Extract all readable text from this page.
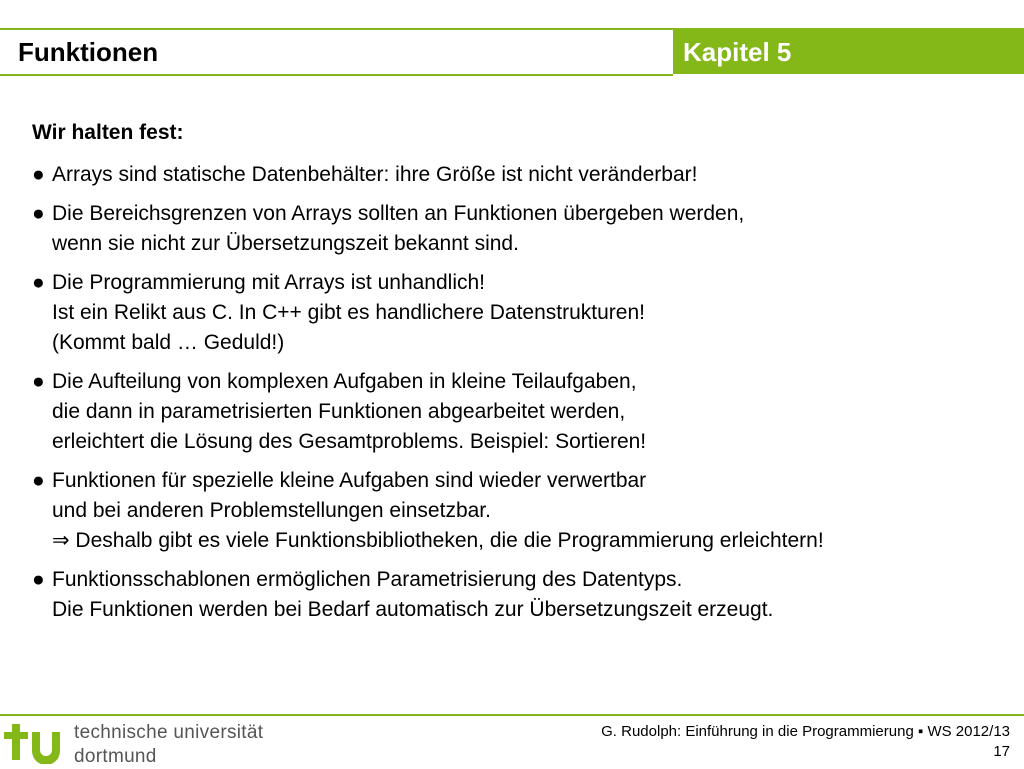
Funktionen	Kapitel 5
Wir halten fest:
● Arrays sind statische Datenbehälter: ihre Größe ist nicht veränderbar!
● Die Bereichsgrenzen von Arrays sollten an Funktionen übergeben werden,
wenn sie nicht zur Übersetzungszeit bekannt sind.
● Die Programmierung mit Arrays ist unhandlich!
Ist ein Relikt aus C. In C++ gibt es handlichere Datenstrukturen!
(Kommt bald … Geduld!)
● Die Aufteilung von komplexen Aufgaben in kleine Teilaufgaben,
die dann in parametrisierten Funktionen abgearbeitet werden,
erleichtert die Lösung des Gesamtproblems. Beispiel: Sortieren!
● Funktionen für spezielle kleine Aufgaben sind wieder verwertbar
und bei anderen Problemstellungen einsetzbar.
⇒ Deshalb gibt es viele Funktionsbibliotheken, die die Programmierung erleichtern!
● Funktionsschablonen ermöglichen Parametrisierung des Datentyps.
Die Funktionen werden bei Bedarf automatisch zur Übersetzungszeit erzeugt.
technische universität
dortmund
G. Rudolph: Einführung in die Programmierung ▪ WS 2012/13
17
